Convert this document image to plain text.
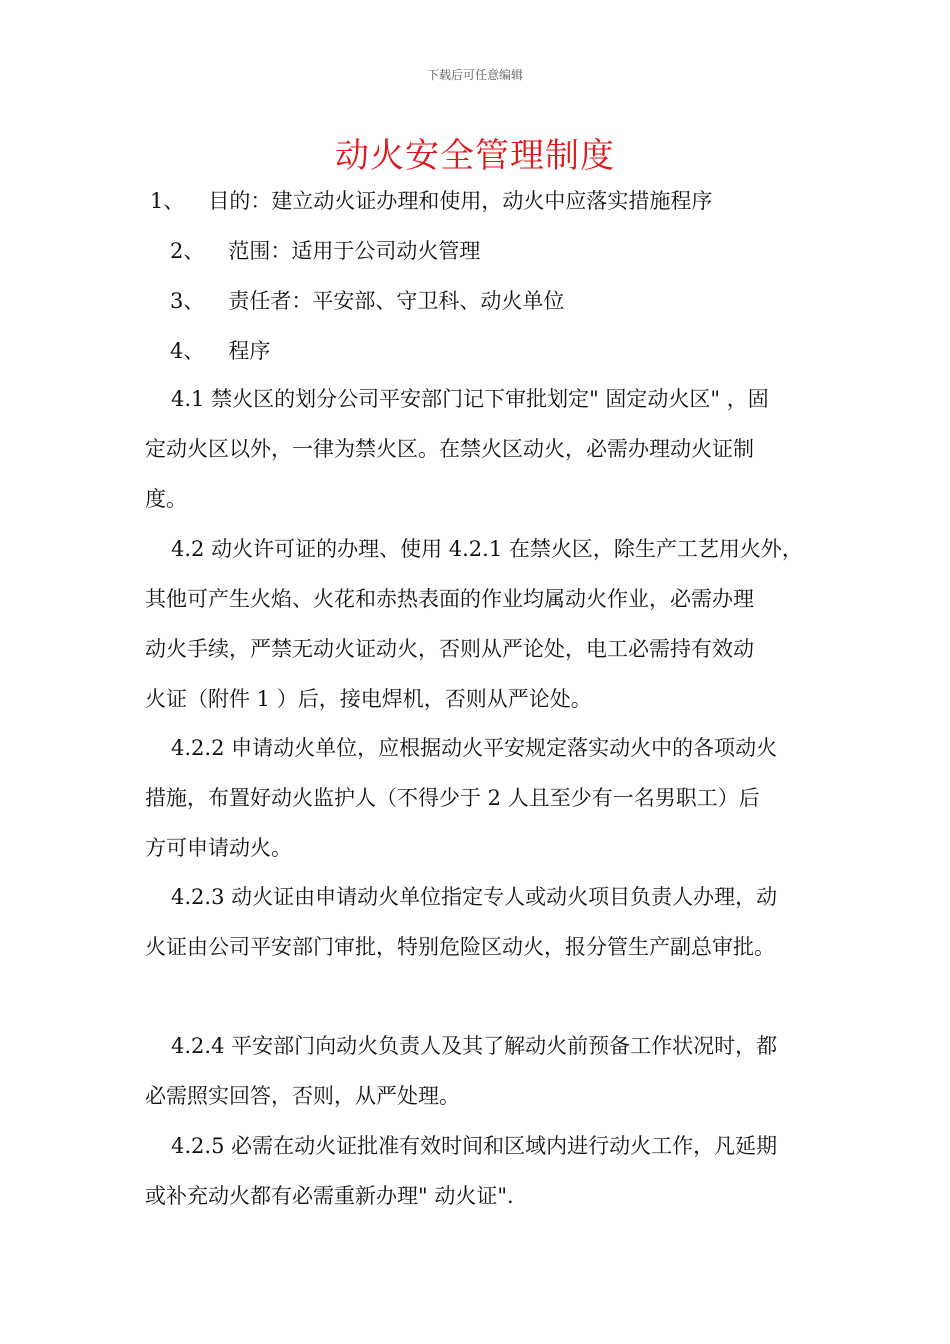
下载后可任意编辑
动火安全管理制度
1、 目的：建立动火证办理和使用，动火中应落实措施程序
2、 范围：适用于公司动火管理
3、 责任者：平安部、守卫科、动火单位
4、 程序
4.1 禁火区的划分公司平安部门记下审批划定" 固定动火区" ，固
定动火区以外，一律为禁火区。在禁火区动火，必需办理动火证制
度。
4.2 动火许可证的办理、使用 4.2.1 在禁火区，除生产工艺用火外，
其他可产生火焰、火花和赤热表面的作业均属动火作业，必需办理
动火手续，严禁无动火证动火，否则从严论处，电工必需持有效动
火证（附件 1 ）后，接电焊机，否则从严论处。
4.2.2 申请动火单位，应根据动火平安规定落实动火中的各项动火
措施，布置好动火监护人（不得少于 2 人且至少有一名男职工）后
方可申请动火。
4.2.3 动火证由申请动火单位指定专人或动火项目负责人办理，动
火证由公司平安部门审批，特别危险区动火，报分管生产副总审批。
4.2.4 平安部门向动火负责人及其了解动火前预备工作状况时，都
必需照实回答，否则，从严处理。
4.2.5 必需在动火证批准有效时间和区域内进行动火工作，凡延期
或补充动火都有必需重新办理" 动火证".
